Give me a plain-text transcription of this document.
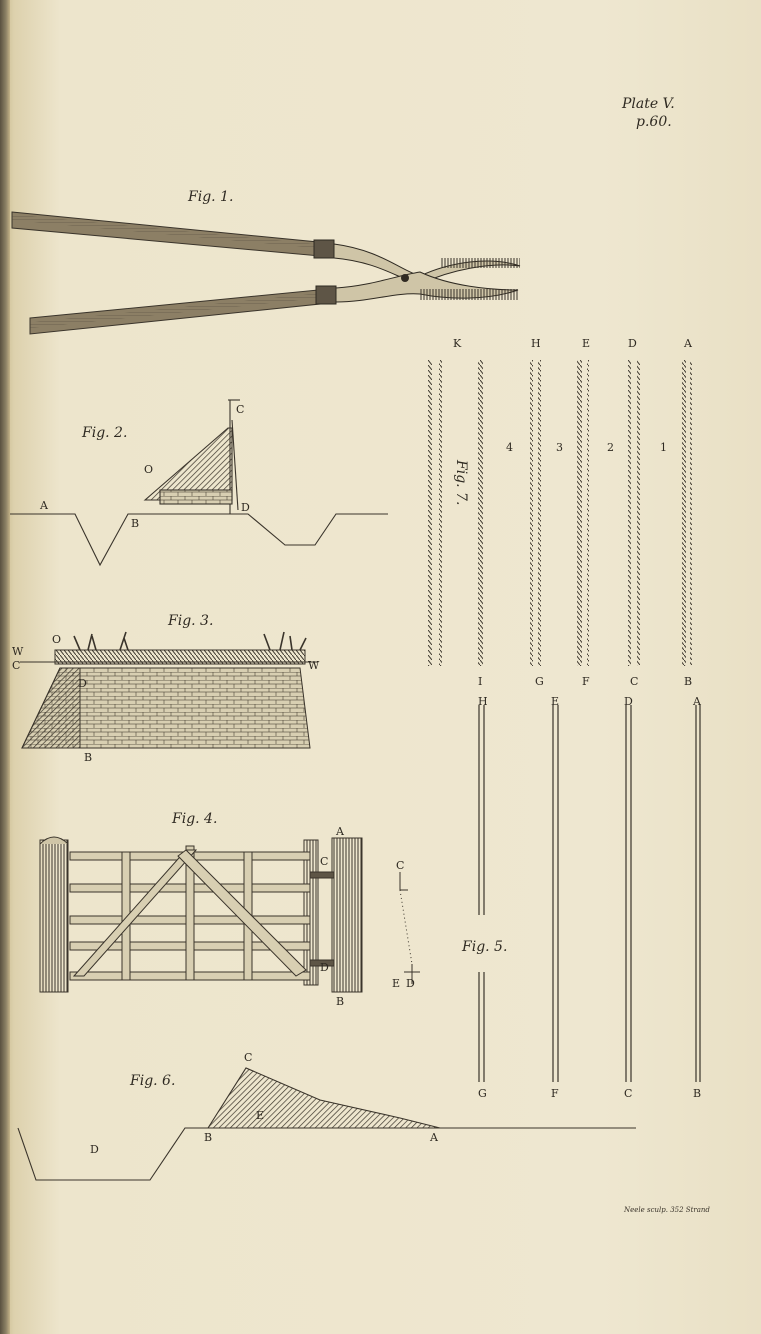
Plate V.
p.60.
Fig. 1.
Fig. 2.
Fig. 3.
Fig. 4.
Fig. 5.
Fig. 6.
Fig. 7.
A
C
O
B
D
W
C
O
D
W
B
A
C
D
B
C
E D
K	H	E	D	A
4	3	2	1
I	G	F	C	B
H	E	D	A
G	F	C	B
C
E
D
B	A
Neele sculp. 352 Strand
